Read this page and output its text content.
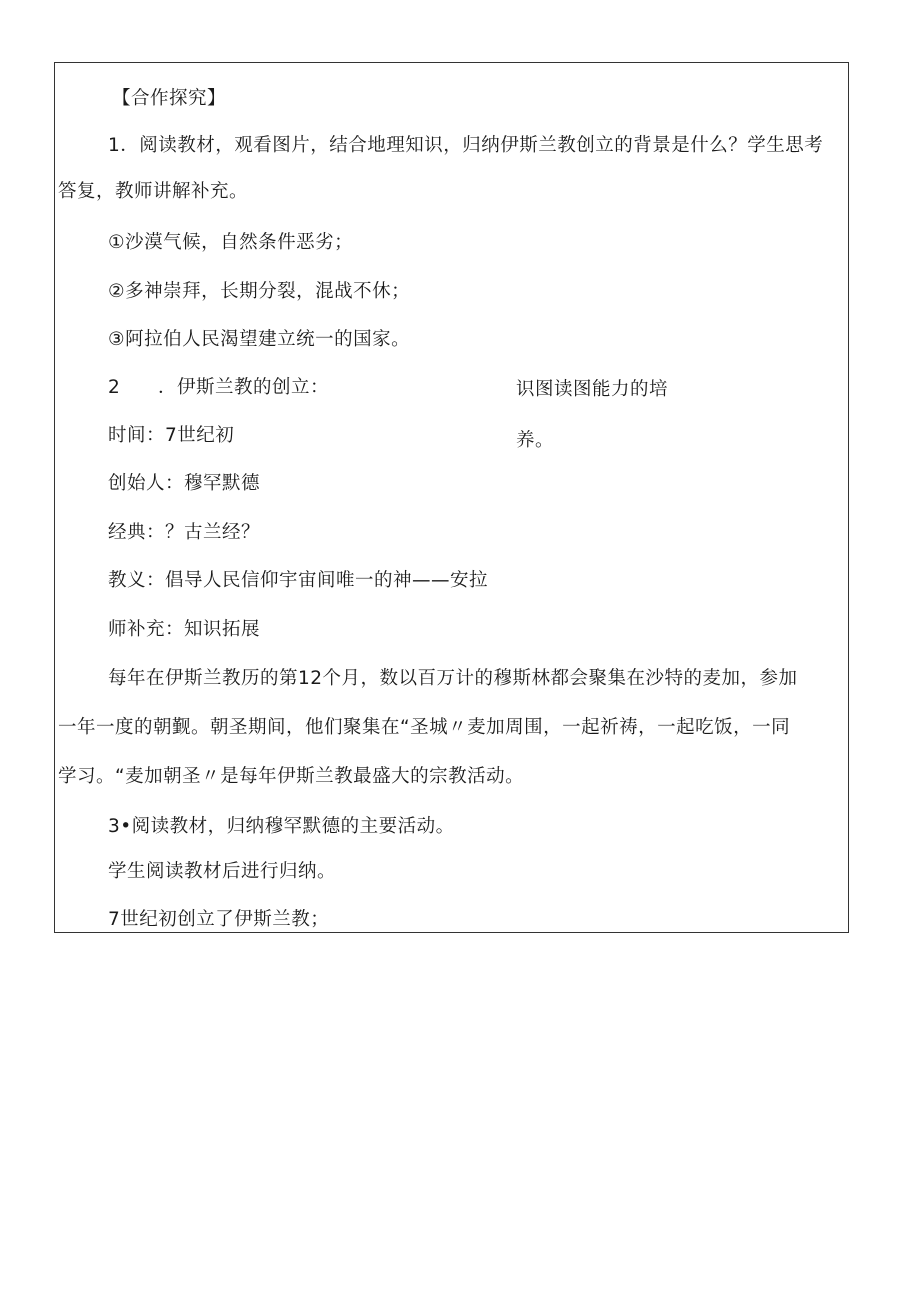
【合作探究】
1．阅读教材，观看图片，结合地理知识，归纳伊斯兰教创立的背景是什么？学生思考
答复，教师讲解补充。
①沙漠气候，自然条件恶劣；
②多神崇拜，长期分裂，混战不休；
③阿拉伯人民渴望建立统一的国家。
2 ．伊斯兰教的创立：	识图读图能力的培
养。
时间：7世纪初
创始人：穆罕默德
经典：？古兰经？
教义：倡导人民信仰宇宙间唯一的神——安拉
师补充：知识拓展
每年在伊斯兰教历的第12个月，数以百万计的穆斯林都会聚集在沙特的麦加，参加
一年一度的朝觐。朝圣期间，他们聚集在“圣城〃麦加周围，一起祈祷，一起吃饭，一同
学习。“麦加朝圣〃是每年伊斯兰教最盛大的宗教活动。
3•阅读教材，归纳穆罕默德的主要活动。
学生阅读教材后进行归纳。
7世纪初创立了伊斯兰教；
